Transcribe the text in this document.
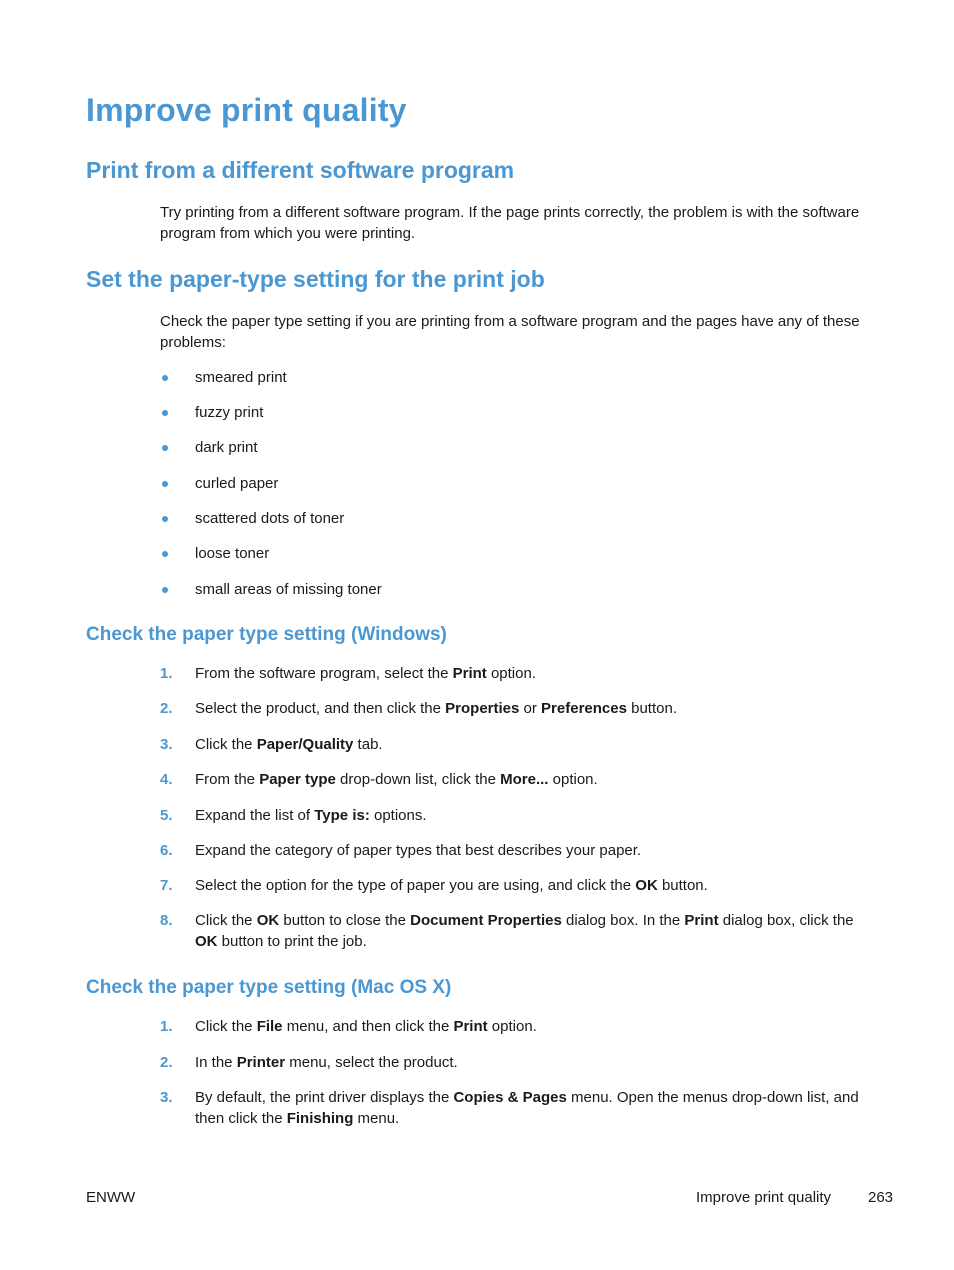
Improve print quality
Print from a different software program

Try printing from a different software program. If the page prints correctly, the problem is with the software program from which you were printing.

Set the paper-type setting for the print job

Check the paper type setting if you are printing from a software program and the pages have any of these problems:

smeared print
fuzzy print
dark print
curled paper
scattered dots of toner
loose toner
small areas of missing toner
Check the paper type setting (Windows)
1. From the software program, select the Print option.
2. Select the product, and then click the Properties or Preferences button.
3. Click the Paper/Quality tab.
4. From the Paper type drop-down list, click the More... option.
5. Expand the list of Type is: options.
6. Expand the category of paper types that best describes your paper.
7. Select the option for the type of paper you are using, and click the OK button.
8. Click the OK button to close the Document Properties dialog box. In the Print dialog box, click the OK button to print the job.
Check the paper type setting (Mac OS X)
1. Click the File menu, and then click the Print option.
2. In the Printer menu, select the product.
3. By default, the print driver displays the Copies & Pages menu. Open the menus drop-down list, and then click the Finishing menu.
ENWW	Improve print quality 263
